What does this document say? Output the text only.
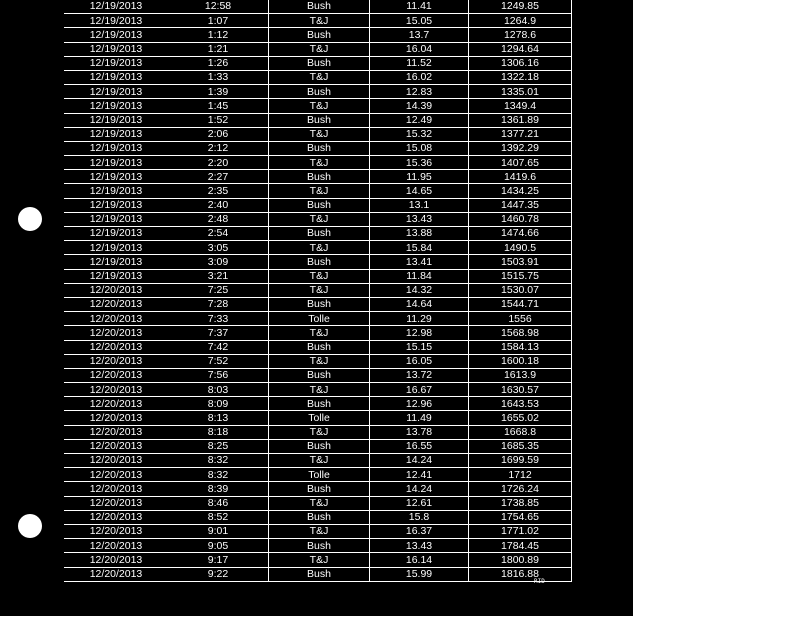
12/19/2013	12:58	Bush	11.41	1249.85
12/19/2013	1:07	T&J	15.05	1264.9
12/19/2013	1:12	Bush	13.7	1278.6
12/19/2013	1:21	T&J	16.04	1294.64
12/19/2013	1:26	Bush	11.52	1306.16
12/19/2013	1:33	T&J	16.02	1322.18
12/19/2013	1:39	Bush	12.83	1335.01
12/19/2013	1:45	T&J	14.39	1349.4
12/19/2013	1:52	Bush	12.49	1361.89
12/19/2013	2:06	T&J	15.32	1377.21
12/19/2013	2:12	Bush	15.08	1392.29
12/19/2013	2:20	T&J	15.36	1407.65
12/19/2013	2:27	Bush	11.95	1419.6
12/19/2013	2:35	T&J	14.65	1434.25
12/19/2013	2:40	Bush	13.1	1447.35
12/19/2013	2:48	T&J	13.43	1460.78
12/19/2013	2:54	Bush	13.88	1474.66
12/19/2013	3:05	T&J	15.84	1490.5
12/19/2013	3:09	Bush	13.41	1503.91
12/19/2013	3:21	T&J	11.84	1515.75
12/20/2013	7:25	T&J	14.32	1530.07
12/20/2013	7:28	Bush	14.64	1544.71
12/20/2013	7:33	Tolle	11.29	1556
12/20/2013	7:37	T&J	12.98	1568.98
12/20/2013	7:42	Bush	15.15	1584.13
12/20/2013	7:52	T&J	16.05	1600.18
12/20/2013	7:56	Bush	13.72	1613.9
12/20/2013	8:03	T&J	16.67	1630.57
12/20/2013	8:09	Bush	12.96	1643.53
12/20/2013	8:13	Tolle	11.49	1655.02
12/20/2013	8:18	T&J	13.78	1668.8
12/20/2013	8:25	Bush	16.55	1685.35
12/20/2013	8:32	T&J	14.24	1699.59
12/20/2013	8:32	Tolle	12.41	1712
12/20/2013	8:39	Bush	14.24	1726.24
12/20/2013	8:46	T&J	12.61	1738.85
12/20/2013	8:52	Bush	15.8	1754.65
12/20/2013	9:01	T&J	16.37	1771.02
12/20/2013	9:05	Bush	13.43	1784.45
12/20/2013	9:17	T&J	16.14	1800.89
12/20/2013	9:22	Bush	15.99	1816.88
RID
